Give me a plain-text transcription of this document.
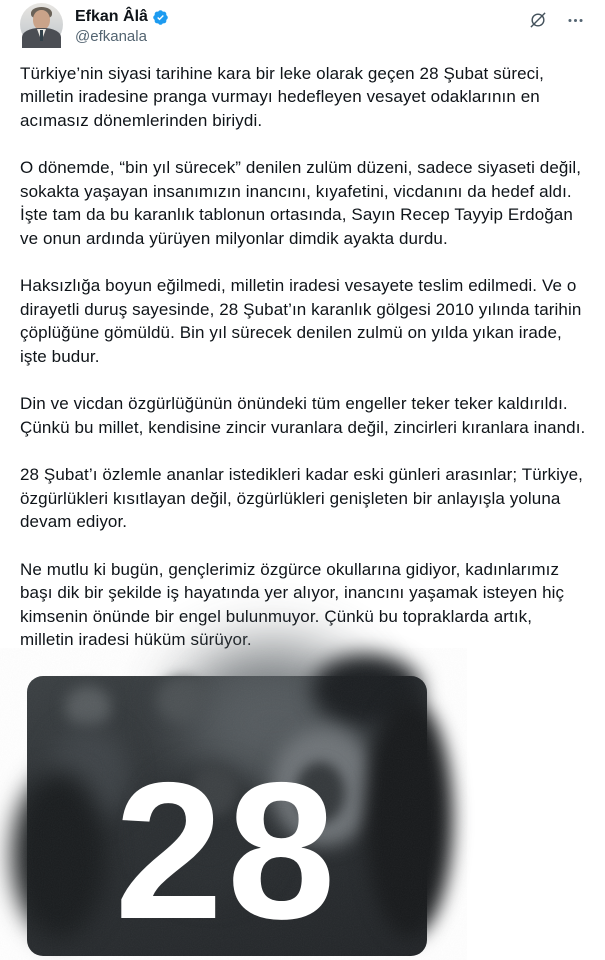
Efkan Âlâ
@efkanala

Türkiye’nin siyasi tarihine kara bir leke olarak geçen 28 Şubat süreci, milletin iradesine pranga vurmayı hedefleyen vesayet odaklarının en acımasız dönemlerinden biriydi.

O dönemde, “bin yıl sürecek” denilen zulüm düzeni, sadece siyaseti değil, sokakta yaşayan insanımızın inancını, kıyafetini, vicdanını da hedef aldı. İşte tam da bu karanlık tablonun ortasında, Sayın Recep Tayyip Erdoğan ve onun ardında yürüyen milyonlar dimdik ayakta durdu.

Haksızlığa boyun eğilmedi, milletin iradesi vesayete teslim edilmedi. Ve o dirayetli duruş sayesinde, 28 Şubat’ın karanlık gölgesi 2010 yılında tarihin çöplüğüne gömüldü. Bin yıl sürecek denilen zulmü on yılda yıkan irade, işte budur.

Din ve vicdan özgürlüğünün önündeki tüm engeller teker teker kaldırıldı. Çünkü bu millet, kendisine zincir vuranlara değil, zincirleri kıranlara inandı.

28 Şubat’ı özlemle ananlar istedikleri kadar eski günleri arasınlar; Türkiye, özgürlükleri kısıtlayan değil, özgürlükleri genişleten bir anlayışla yoluna devam ediyor.

Ne mutlu ki bugün, gençlerimiz özgürce okullarına gidiyor, kadınlarımız başı dik bir şekilde iş hayatında yer alıyor, inancını yaşamak isteyen hiç kimsenin önünde bir engel bulunmuyor. Çünkü bu topraklarda artık, milletin iradesi hüküm sürüyor.

28
